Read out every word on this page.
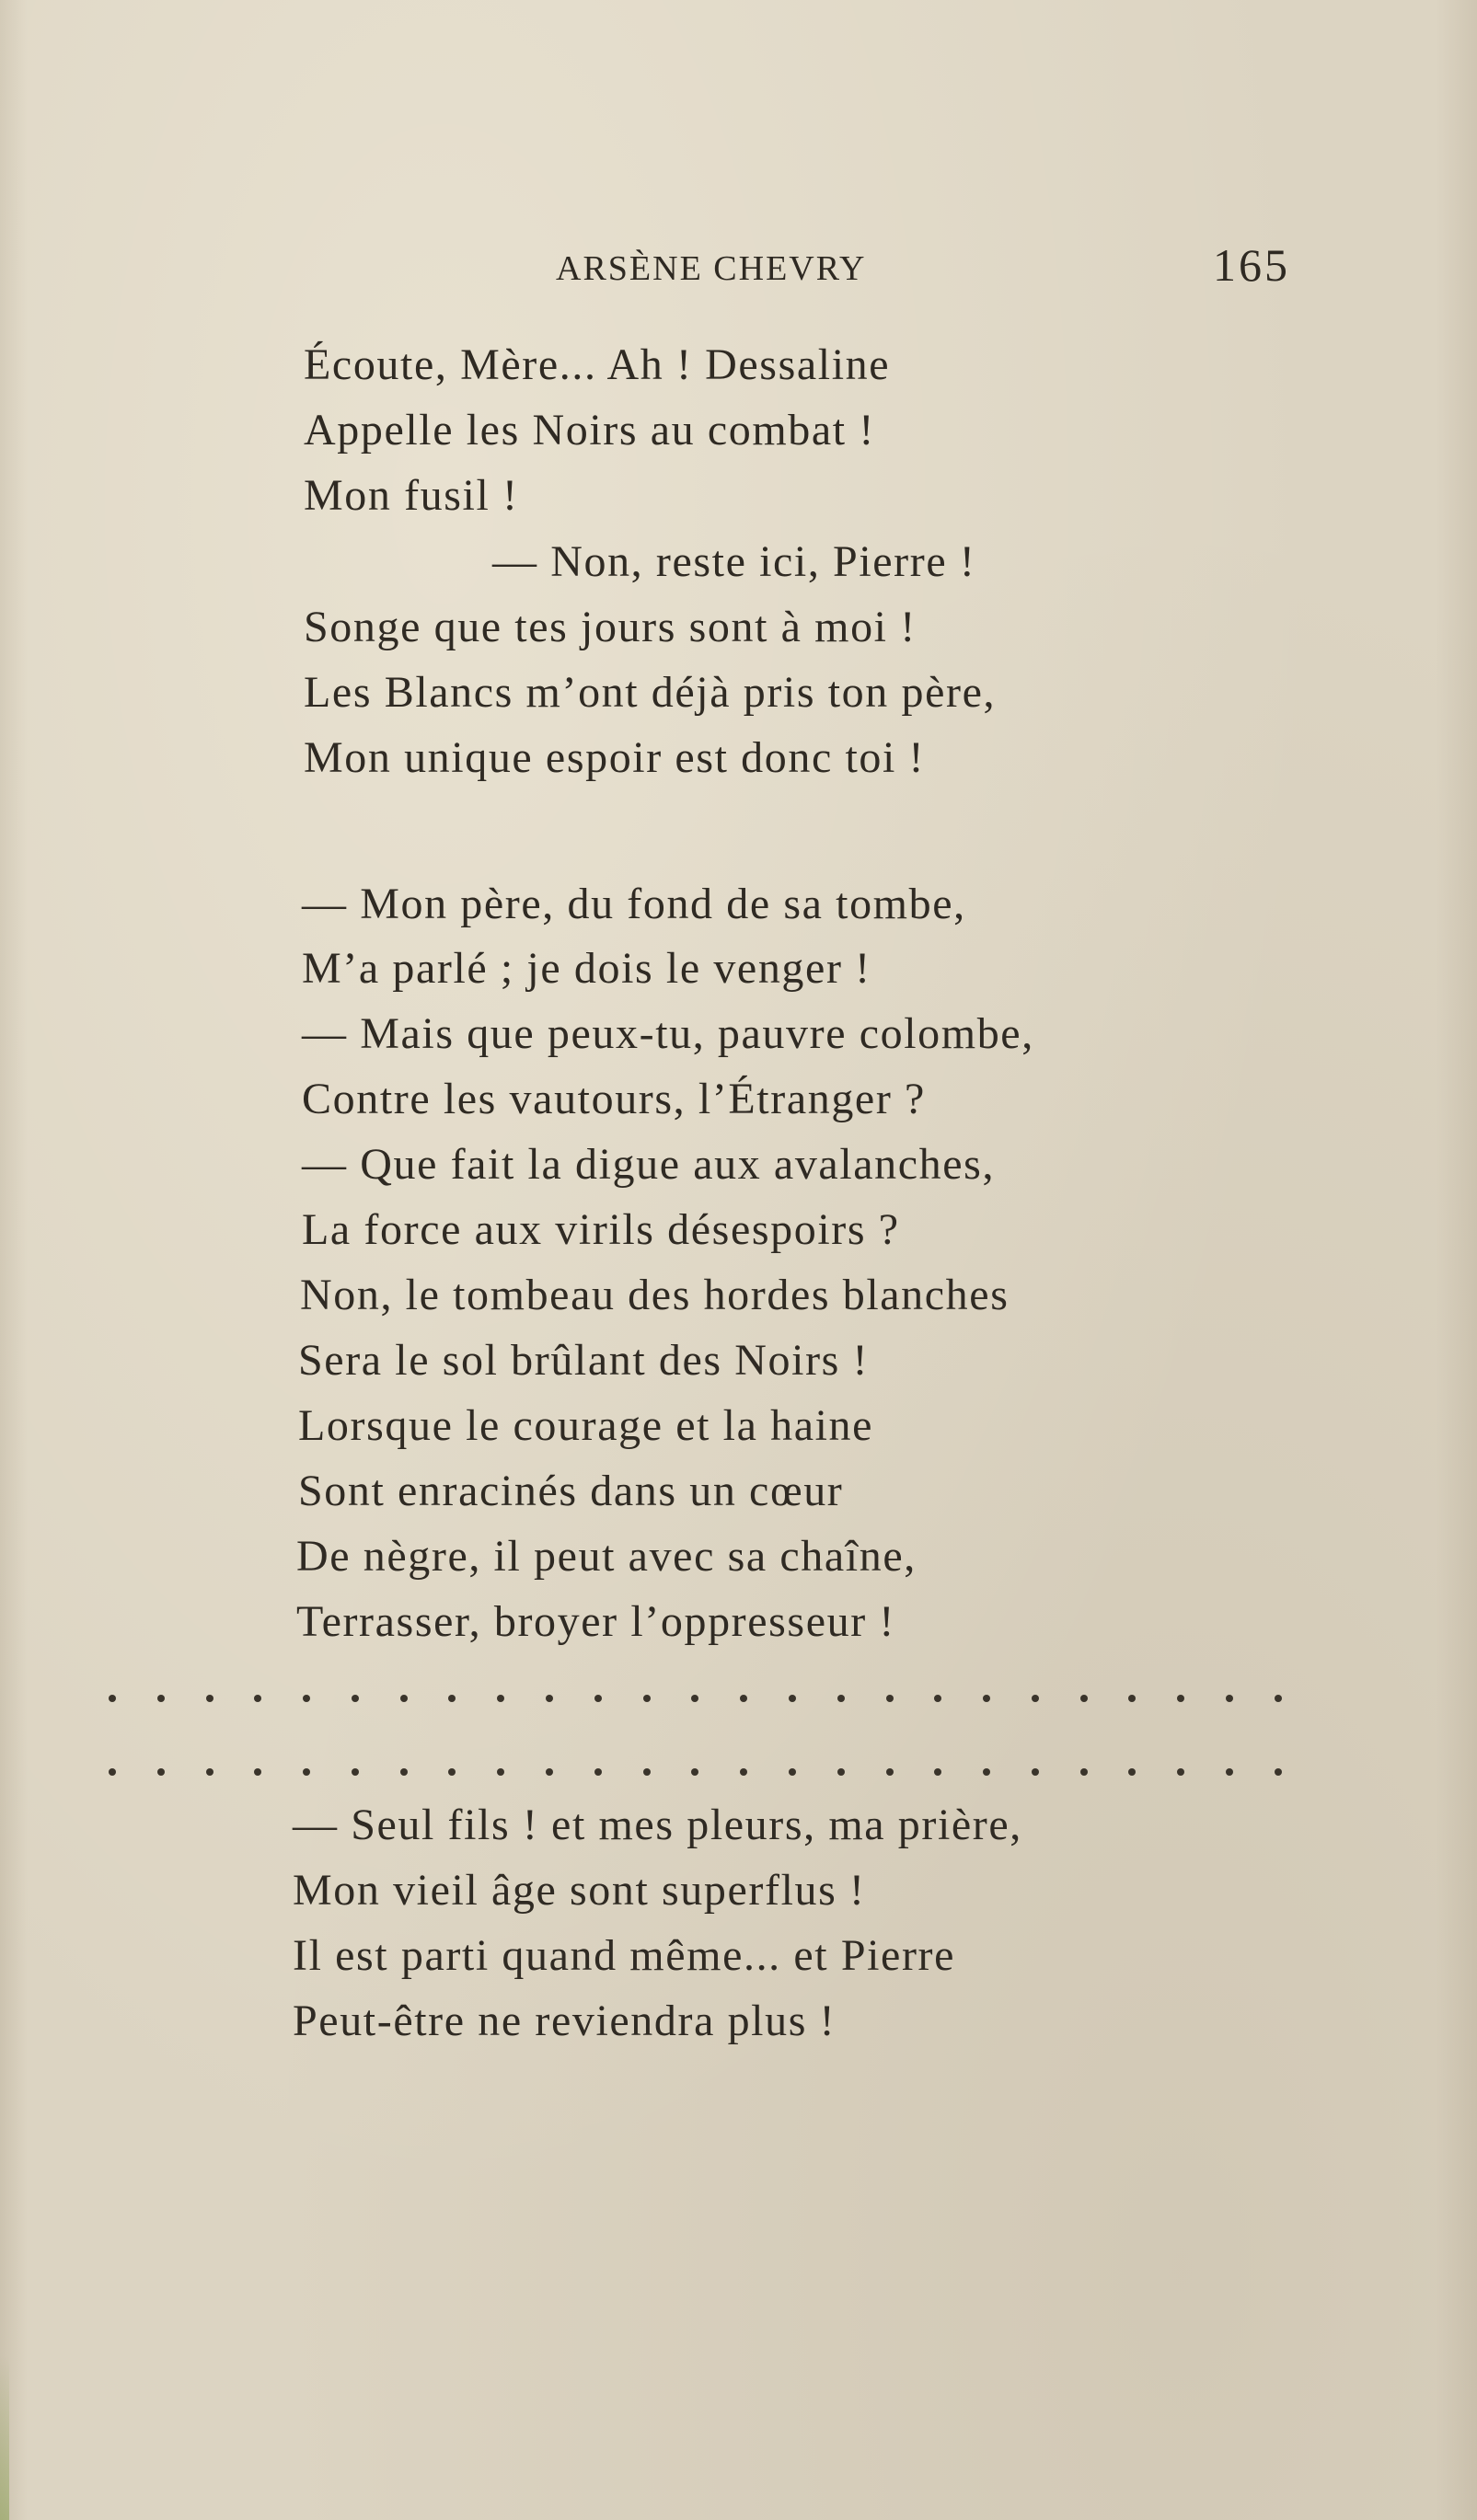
ARSÈNE CHEVRY	165
Écoute, Mère... Ah ! Dessaline
Appelle les Noirs au combat !
Mon fusil !
— Non, reste ici, Pierre !
Songe que tes jours sont à moi !
Les Blancs m’ont déjà pris ton père,
Mon unique espoir est donc toi !
— Mon père, du fond de sa tombe,
M’a parlé ; je dois le venger !
— Mais que peux-tu, pauvre colombe,
Contre les vautours, l’Étranger ?
— Que fait la digue aux avalanches,
La force aux virils désespoirs ?
Non, le tombeau des hordes blanches
Sera le sol brûlant des Noirs !
Lorsque le courage et la haine
Sont enracinés dans un cœur
De nègre, il peut avec sa chaîne,
Terrasser, broyer l’oppresseur !
— Seul fils ! et mes pleurs, ma prière,
Mon vieil âge sont superflus !
Il est parti quand même... et Pierre
Peut-être ne reviendra plus !
